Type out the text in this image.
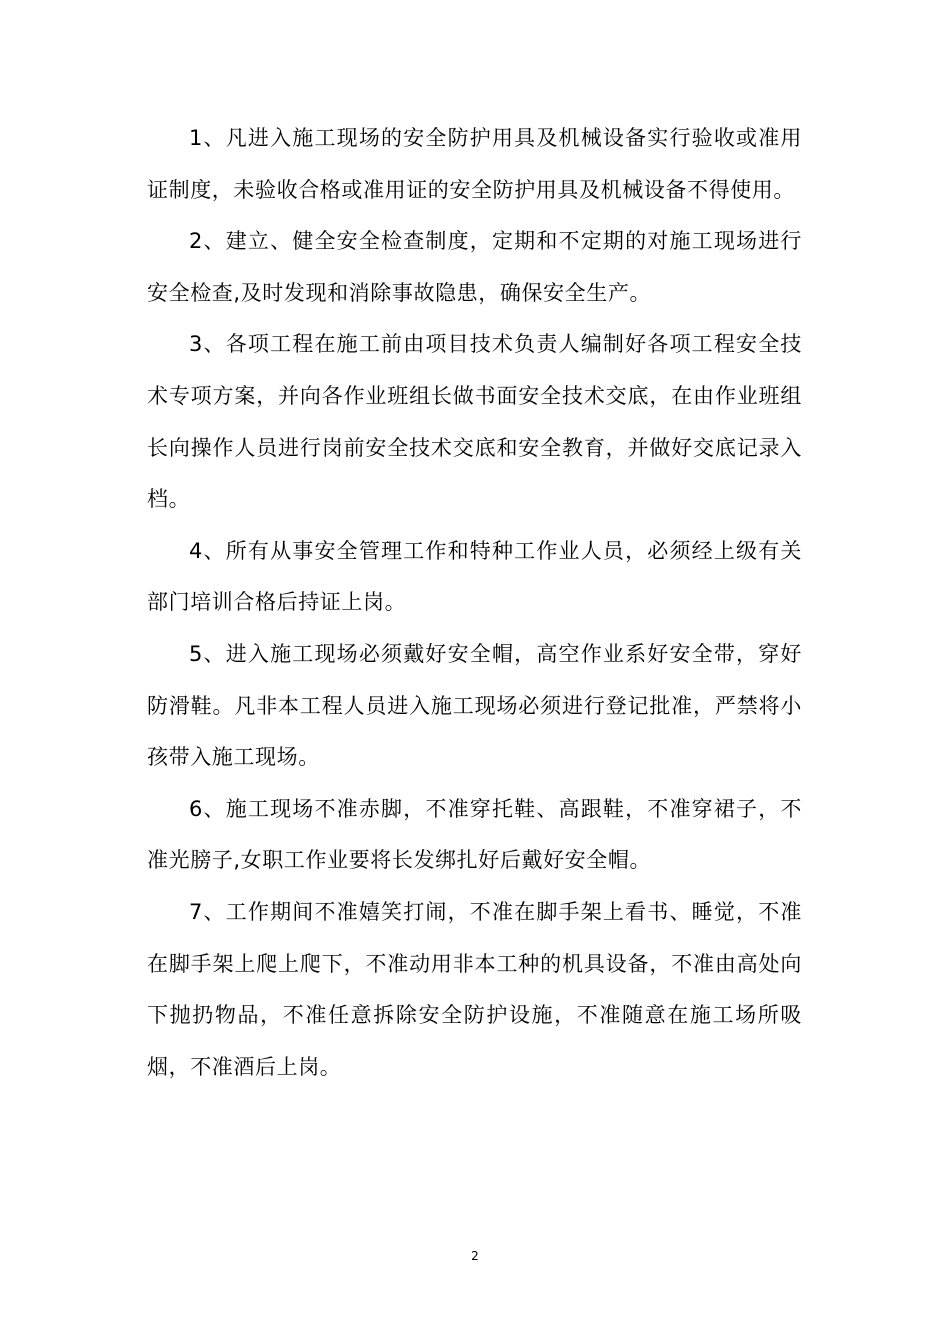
1、凡进入施工现场的安全防护用具及机械设备实行验收或准用证制度，未验收合格或准用证的安全防护用具及机械设备不得使用。

2、建立、健全安全检查制度，定期和不定期的对施工现场进行安全检查,及时发现和消除事故隐患，确保安全生产。

3、各项工程在施工前由项目技术负责人编制好各项工程安全技术专项方案，并向各作业班组长做书面安全技术交底，在由作业班组长向操作人员进行岗前安全技术交底和安全教育，并做好交底记录入档。

4、所有从事安全管理工作和特种工作业人员，必须经上级有关部门培训合格后持证上岗。

5、进入施工现场必须戴好安全帽，高空作业系好安全带，穿好防滑鞋。凡非本工程人员进入施工现场必须进行登记批准，严禁将小孩带入施工现场。

6、施工现场不准赤脚，不准穿托鞋、高跟鞋，不准穿裙子，不准光膀子,女职工作业要将长发绑扎好后戴好安全帽。

7、工作期间不准嬉笑打闹，不准在脚手架上看书、睡觉，不准在脚手架上爬上爬下，不准动用非本工种的机具设备，不准由高处向下抛扔物品，不准任意拆除安全防护设施，不准随意在施工场所吸烟，不准酒后上岗。

2
